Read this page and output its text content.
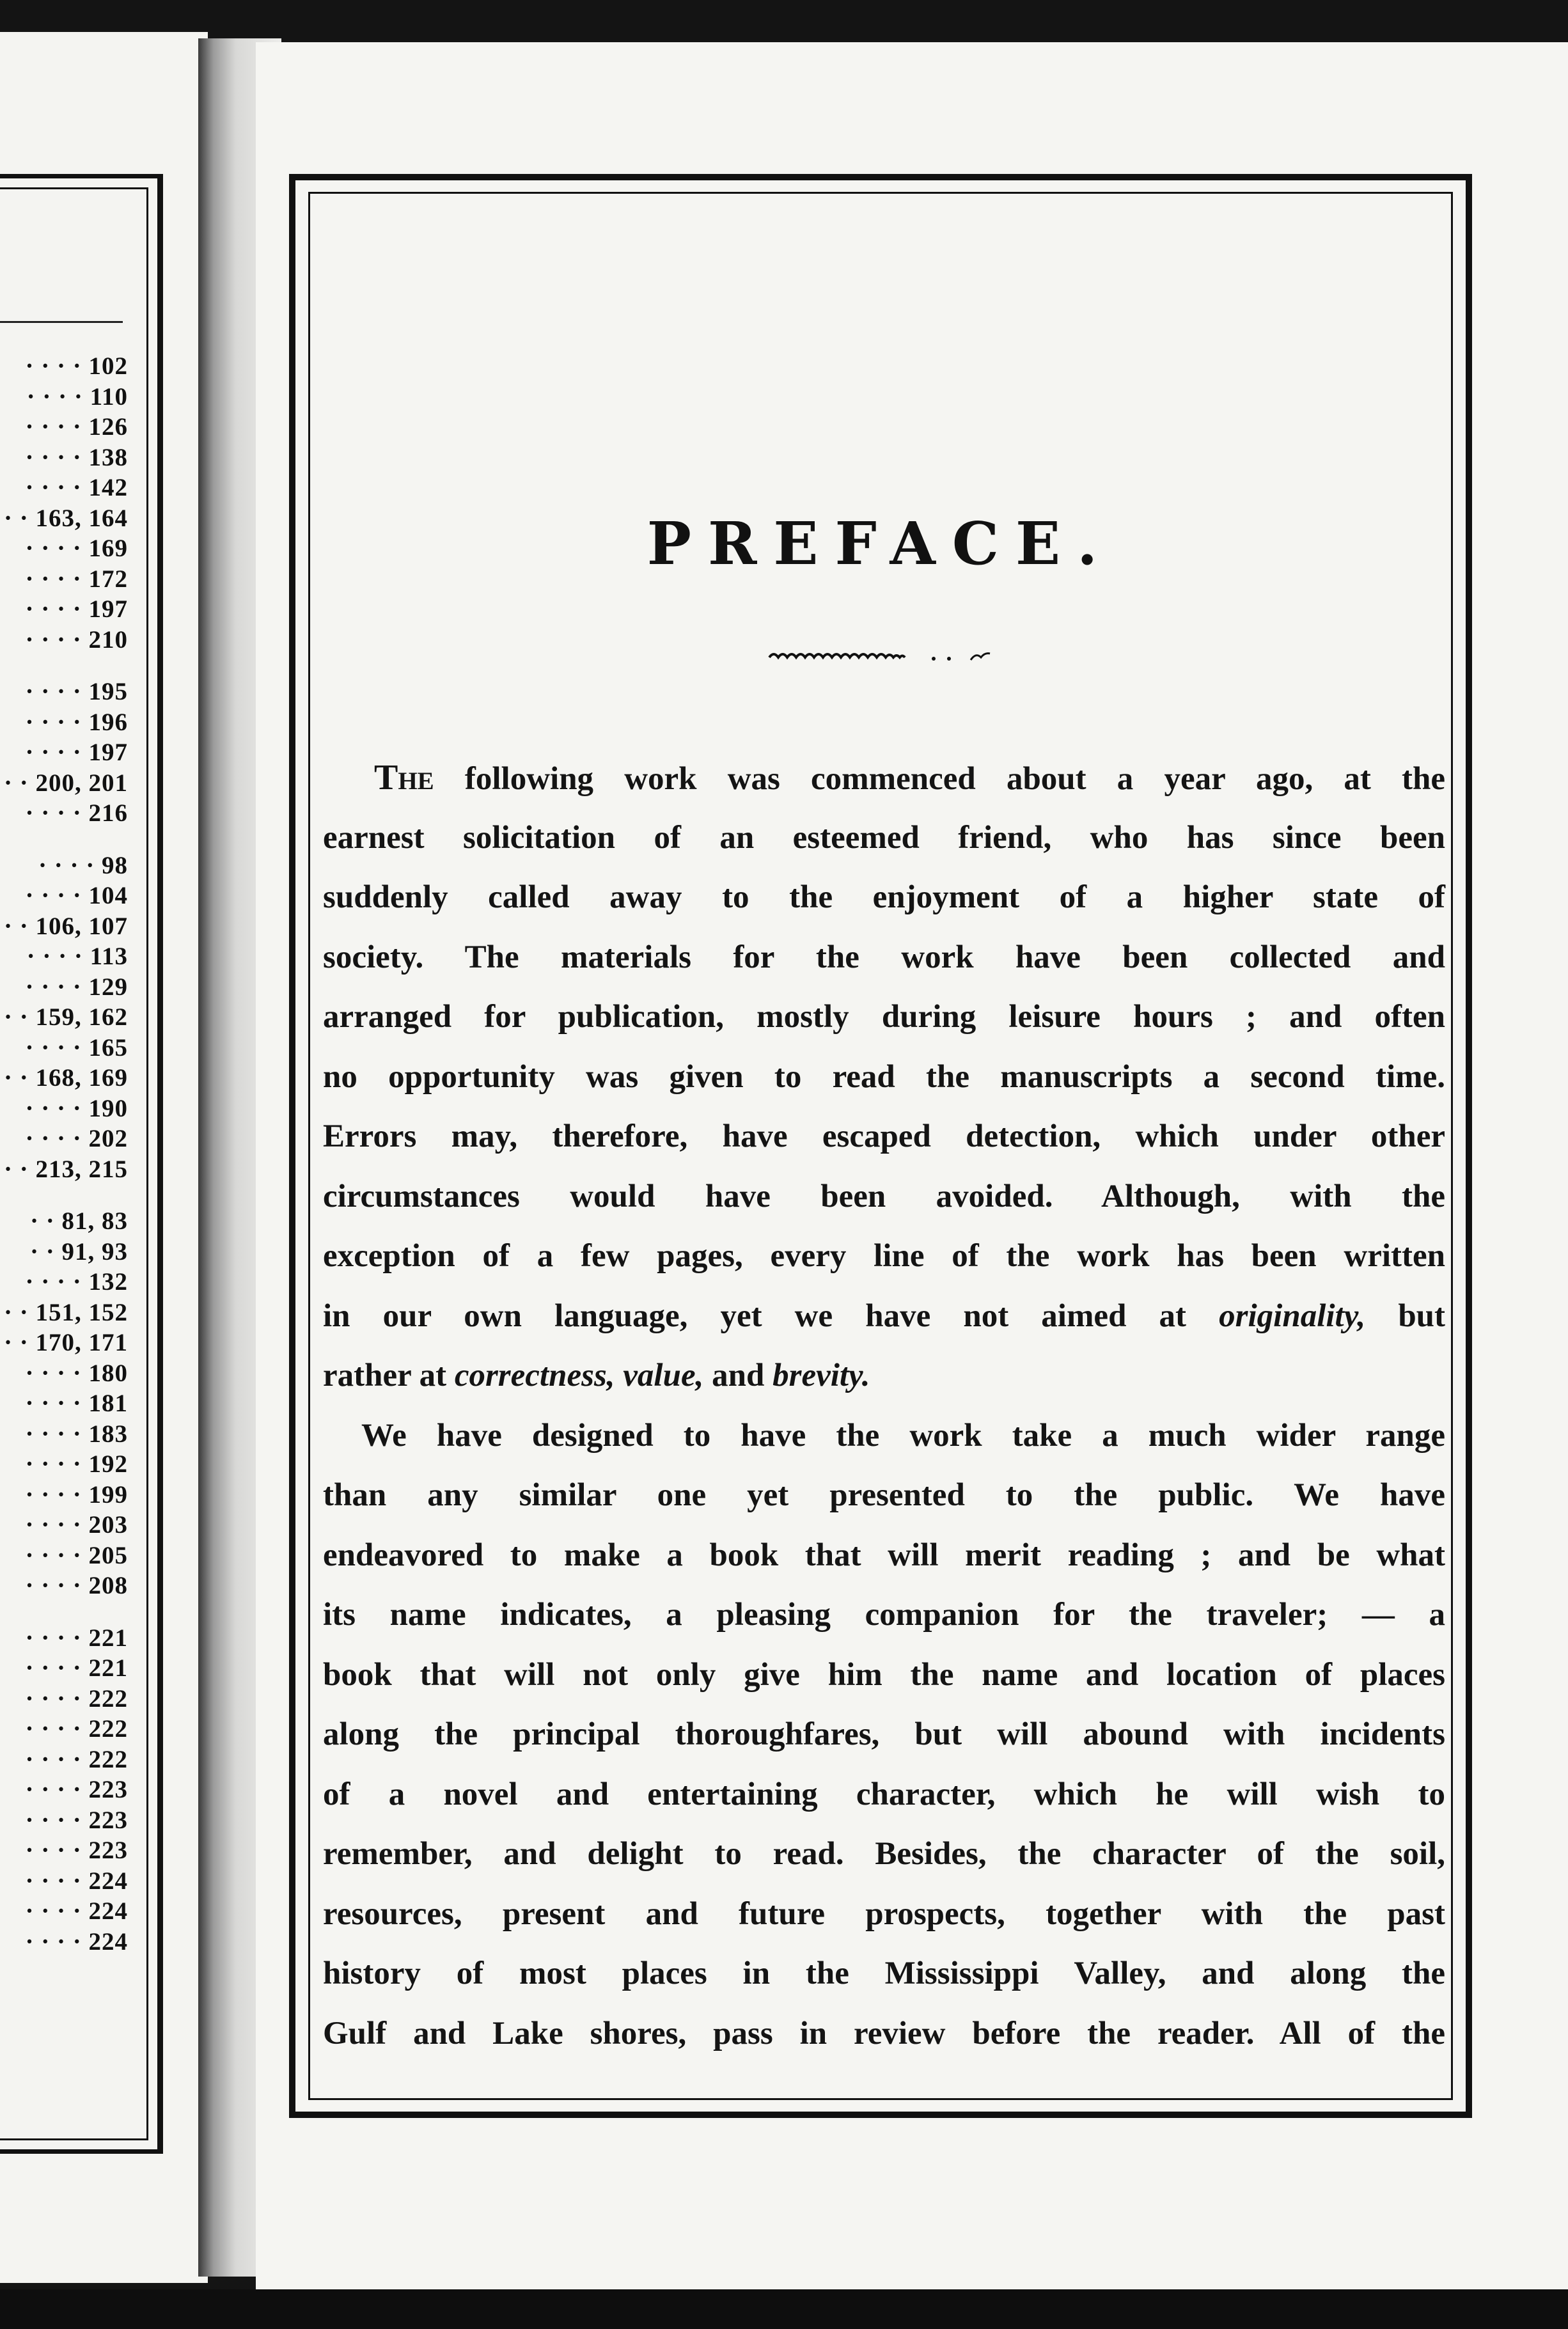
· · · · 102
· · · · 110
· · · · 126
· · · · 138
· · · · 142
· · 163, 164
· · · · 169
· · · · 172
· · · · 197
· · · · 210
· · · · 195
· · · · 196
· · · · 197
· · 200, 201
· · · · 216
· · · · 98
· · · · 104
· · 106, 107
· · · · 113
· · · · 129
· · 159, 162
· · · · 165
· · 168, 169
· · · · 190
· · · · 202
· · 213, 215
· · 81, 83
· · 91, 93
· · · · 132
· · 151, 152
· · 170, 171
· · · · 180
· · · · 181
· · · · 183
· · · · 192
· · · · 199
· · · · 203
· · · · 205
· · · · 208
· · · · 221
· · · · 221
· · · · 222
· · · · 222
· · · · 222
· · · · 223
· · · · 223
· · · · 223
· · · · 224
· · · · 224
· · · · 224
PREFACE.
The following work was commenced about a year ago, at the
earnest solicitation of an esteemed friend, who has since been
suddenly called away to the enjoyment of a higher state of
society. The materials for the work have been collected and
arranged for publication, mostly during leisure hours ; and often
no opportunity was given to read the manuscripts a second time.
Errors may, therefore, have escaped detection, which under other
circumstances would have been avoided. Although, with the
exception of a few pages, every line of the work has been written
in our own language, yet we have not aimed at originality, but
rather at correctness, value, and brevity.
We have designed to have the work take a much wider range
than any similar one yet presented to the public. We have
endeavored to make a book that will merit reading ; and be what
its name indicates, a pleasing companion for the traveler; — a
book that will not only give him the name and location of places
along the principal thoroughfares, but will abound with incidents
of a novel and entertaining character, which he will wish to
remember, and delight to read. Besides, the character of the soil,
resources, present and future prospects, together with the past
history of most places in the Mississippi Valley, and along the
Gulf and Lake shores, pass in review before the reader. All of the
